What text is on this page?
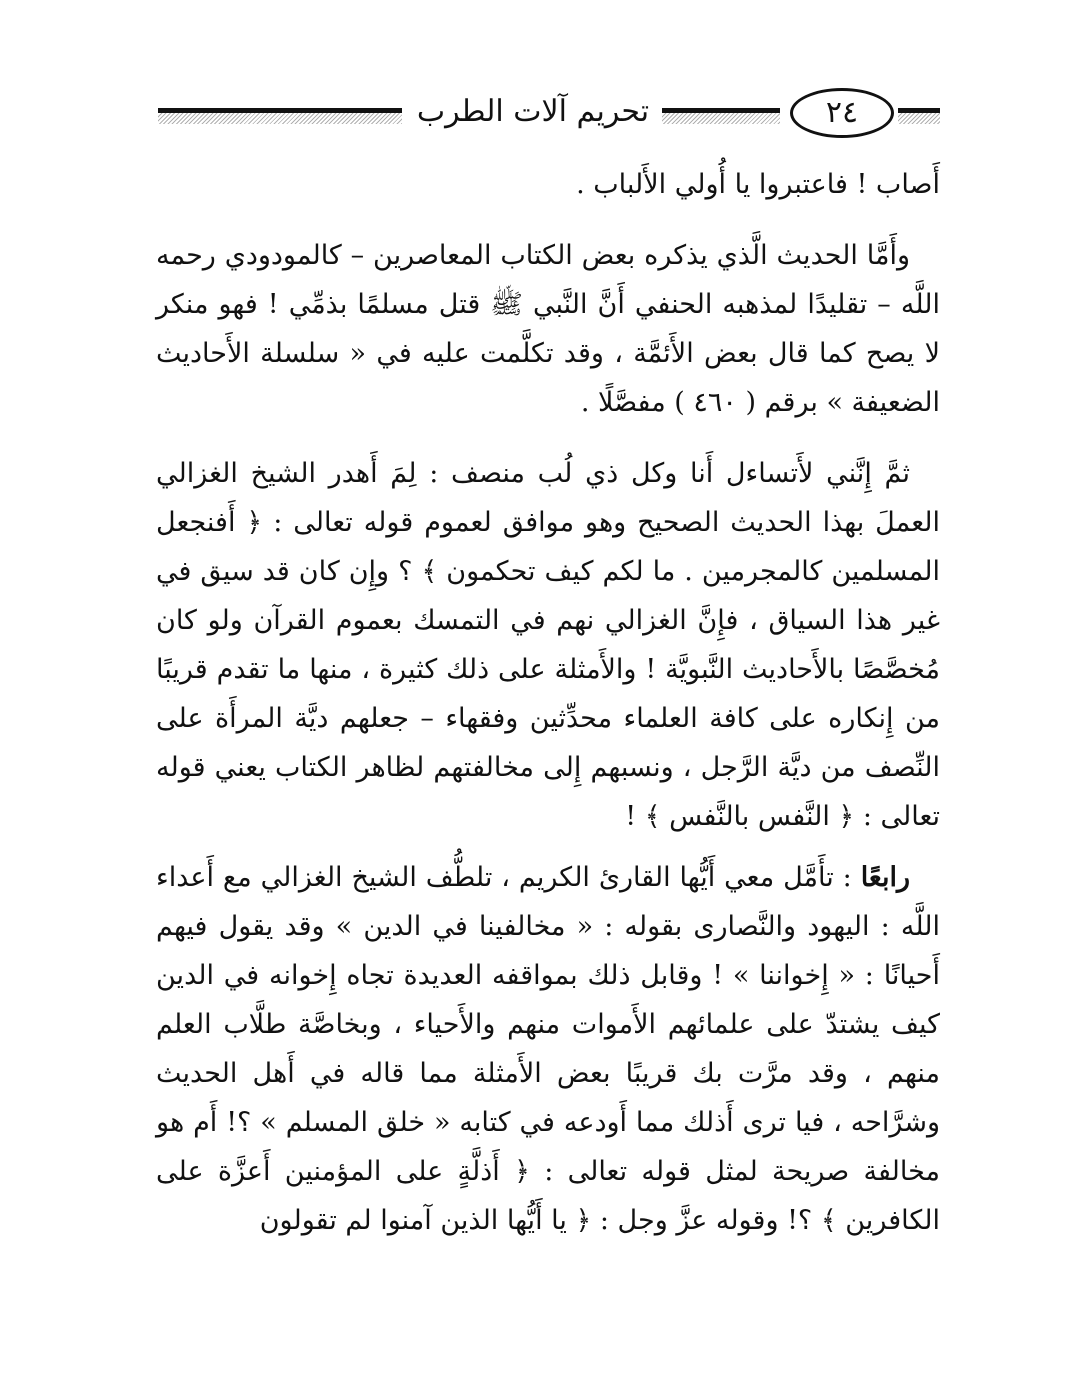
تحريم آلات الطرب	٢٤

أَصاب ! فاعتبروا يا أُولي الأَلباب .

وأَمَّا الحديث الَّذي يذكره بعض الكتاب المعاصرين – كالمودودي رحمه اللَّه – تقليدًا لمذهبه الحنفي أَنَّ النَّبي ﷺ قتل مسلمًا بذمِّي ! فهو منكر لا يصح كما قال بعض الأَئمَّة ، وقد تكلَّمت عليه في « سلسلة الأَحاديث الضعيفة » برقم ( ٤٦٠ ) مفصَّلًا .

ثمَّ إِنَّني لأَتساءل أَنا وكل ذي لُب منصف : لِمَ أَهدر الشيخ الغزالي العملَ بهذا الحديث الصحيح وهو موافق لعموم قوله تعالى : ﴿ أَفنجعل المسلمين كالمجرمين . ما لكم كيف تحكمون ﴾ ؟ وإِن كان قد سيق في غير هذا السياق ، فإِنَّ الغزالي نهم في التمسك بعموم القرآن ولو كان مُخصَّصًا بالأَحاديث النَّبويَّة ! والأَمثلة على ذلك كثيرة ، منها ما تقدم قريبًا من إِنكاره على كافة العلماء محدِّثين وفقهاء – جعلهم ديَّة المرأَة على النِّصف من ديَّة الرَّجل ، ونسبهم إِلى مخالفتهم لظاهر الكتاب يعني قوله تعالى : ﴿ النَّفس بالنَّفس ﴾ !

رابعًا : تأَمَّل معي أَيُّها القارئ الكريم ، تلطُّف الشيخ الغزالي مع أَعداء اللَّه : اليهود والنَّصارى بقوله : « مخالفينا في الدين » وقد يقول فيهم أَحيانًا : « إِخواننا » ! وقابل ذلك بمواقفه العديدة تجاه إِخوانه في الدين كيف يشتدّ على علمائهم الأَموات منهم والأَحياء ، وبخاصَّة طلَّاب العلم منهم ، وقد مرَّت بك قريبًا بعض الأَمثلة مما قاله في أَهل الحديث وشرَّاحه ، فيا ترى أَذلك مما أَودعه في كتابه « خلق المسلم » ؟! أَم هو مخالفة صريحة لمثل قوله تعالى : ﴿ أَذلَّةٍ على المؤمنين أَعزَّة على الكافرين ﴾ ؟! وقوله عزَّ وجل : ﴿ يا أَيُّها الذين آمنوا لم تقولون
